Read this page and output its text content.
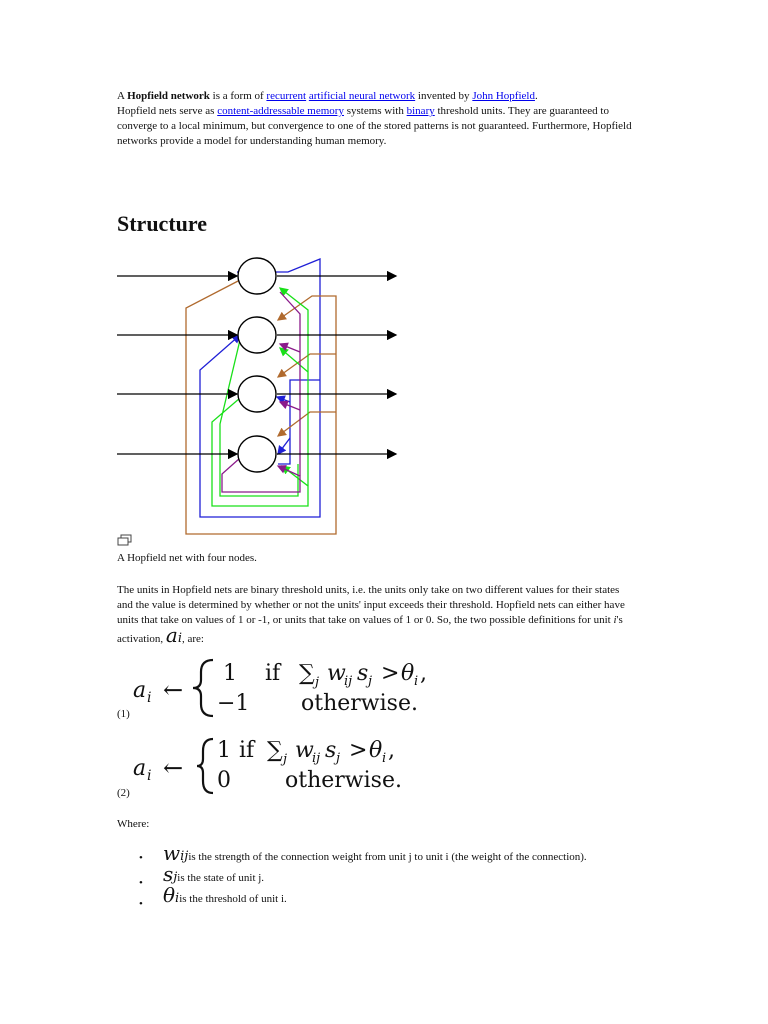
A Hopfield network is a form of recurrent artificial neural network invented by John Hopfield.
Hopfield nets serve as content-addressable memory systems with binary threshold units. They are guaranteed to converge to a local minimum, but convergence to one of the stored patterns is not guaranteed. Furthermore, Hopfield networks provide a model for understanding human memory.
Structure
A Hopfield net with four nodes.
The units in Hopfield nets are binary threshold units, i.e. the units only take on two different values for their states and the value is determined by whether or not the units' input exceeds their threshold. Hopfield nets can either have units that take on values of 1 or -1, or units that take on values of 1 or 0. So, the two possible definitions for unit i's activation, ai, are:
a i ←
1 if ∑ j w
ij s j > θ i ,
−1 otherwise.
(1)
a i ←
1 if ∑ j w
ij s j > θ i ,
0 otherwise.
(2)
Where:
• wijis the strength of the connection weight from unit j to unit i (the weight of the connection).
• sjis the state of unit j.
• θiis the threshold of unit i.
